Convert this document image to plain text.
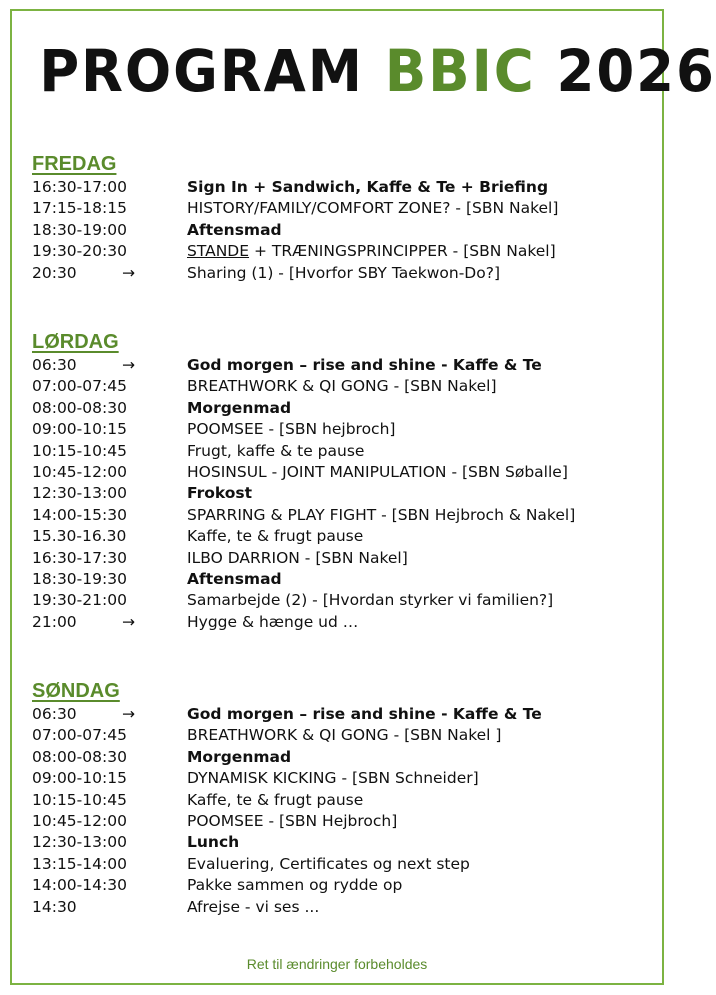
PROGRAM BBIC 2026
FREDAG
16:30-17:00	Sign In + Sandwich, Kaffe & Te + Briefing
17:15-18:15	HISTORY/FAMILY/COMFORT ZONE? - [SBN Nakel]
18:30-19:00	Aftensmad
19:30-20:30	STANDE + TRÆNINGSPRINCIPPER - [SBN Nakel]
20:30	→	Sharing (1) - [Hvorfor SBY Taekwon-Do?]
LØRDAG
06:30	→	God morgen – rise and shine - Kaffe & Te
07:00-07:45	BREATHWORK & QI GONG - [SBN Nakel]
08:00-08:30	Morgenmad
09:00-10:15	POOMSEE - [SBN hejbroch]
10:15-10:45	Frugt, kaffe & te pause
10:45-12:00	HOSINSUL - JOINT MANIPULATION - [SBN Søballe]
12:30-13:00	Frokost
14:00-15:30	SPARRING & PLAY FIGHT - [SBN Hejbroch & Nakel]
15.30-16.30	Kaffe, te & frugt pause
16:30-17:30	ILBO DARRION - [SBN Nakel]
18:30-19:30	Aftensmad
19:30-21:00	Samarbejde (2) - [Hvordan styrker vi familien?]
21:00	→	Hygge & hænge ud …
SØNDAG
06:30	→	God morgen – rise and shine - Kaffe & Te
07:00-07:45	BREATHWORK & QI GONG - [SBN Nakel ]
08:00-08:30	Morgenmad
09:00-10:15	DYNAMISK KICKING - [SBN Schneider]
10:15-10:45	Kaffe, te & frugt pause
10:45-12:00	POOMSEE - [SBN Hejbroch]
12:30-13:00	Lunch
13:15-14:00	Evaluering, Certificates og next step
14:00-14:30	Pakke sammen og rydde op
14:30	Afrejse - vi ses ...
Ret til ændringer forbeholdes
